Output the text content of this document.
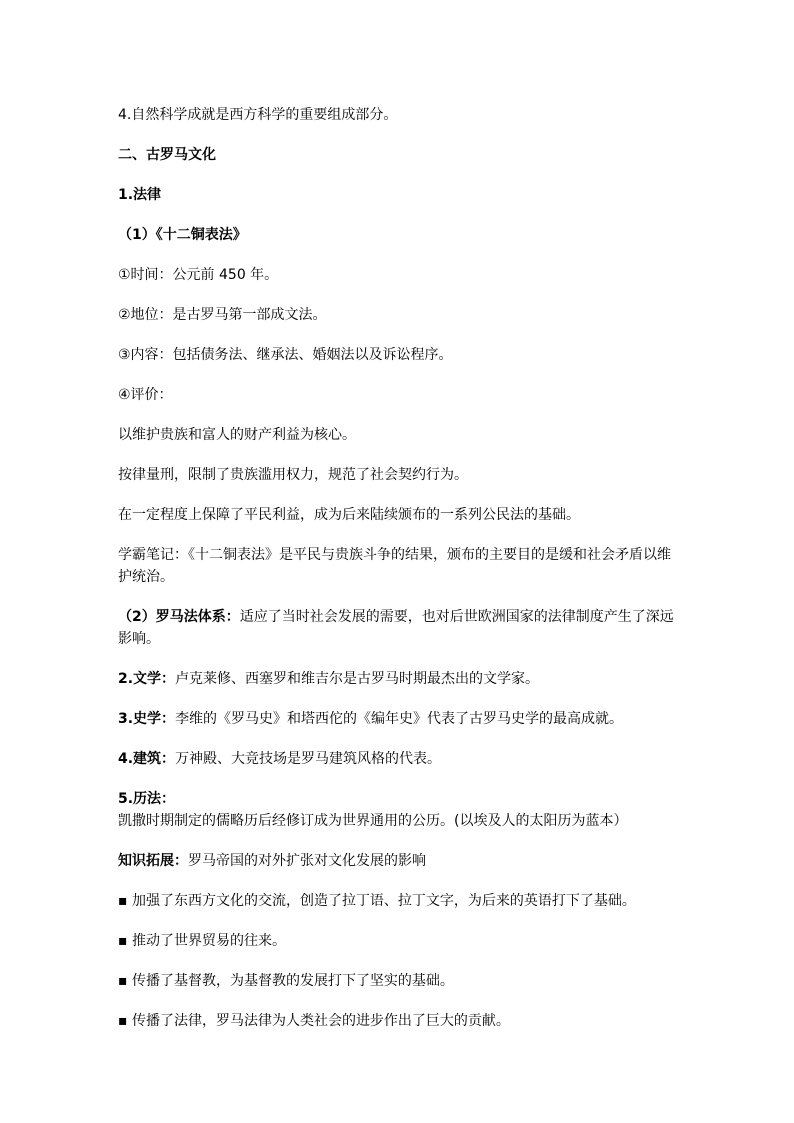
4.自然科学成就是西方科学的重要组成部分。

二、古罗马文化

1.法律

（1）《十二铜表法》

①时间：公元前 450 年。

②地位：是古罗马第一部成文法。

③内容：包括债务法、继承法、婚姻法以及诉讼程序。

④评价：

以维护贵族和富人的财产利益为核心。

按律量刑，限制了贵族滥用权力，规范了社会契约行为。

在一定程度上保障了平民利益，成为后来陆续颁布的一系列公民法的基础。

学霸笔记：《十二铜表法》是平民与贵族斗争的结果，颁布的主要目的是缓和社会矛盾以维护统治。

（2）罗马法体系：适应了当时社会发展的需要，也对后世欧洲国家的法律制度产生了深远影响。

2.文学：卢克莱修、西塞罗和维吉尔是古罗马时期最杰出的文学家。

3.史学：李维的《罗马史》和塔西佗的《编年史》代表了古罗马史学的最高成就。

4.建筑：万神殿、大竞技场是罗马建筑风格的代表。

5.历法：凯撒时期制定的儒略历后经修订成为世界通用的公历。(以埃及人的太阳历为蓝本）

知识拓展：罗马帝国的对外扩张对文化发展的影响

▪ 加强了东西方文化的交流，创造了拉丁语、拉丁文字，为后来的英语打下了基础。

▪ 推动了世界贸易的往来。

▪ 传播了基督教，为基督教的发展打下了坚实的基础。

▪ 传播了法律，罗马法律为人类社会的进步作出了巨大的贡献。
